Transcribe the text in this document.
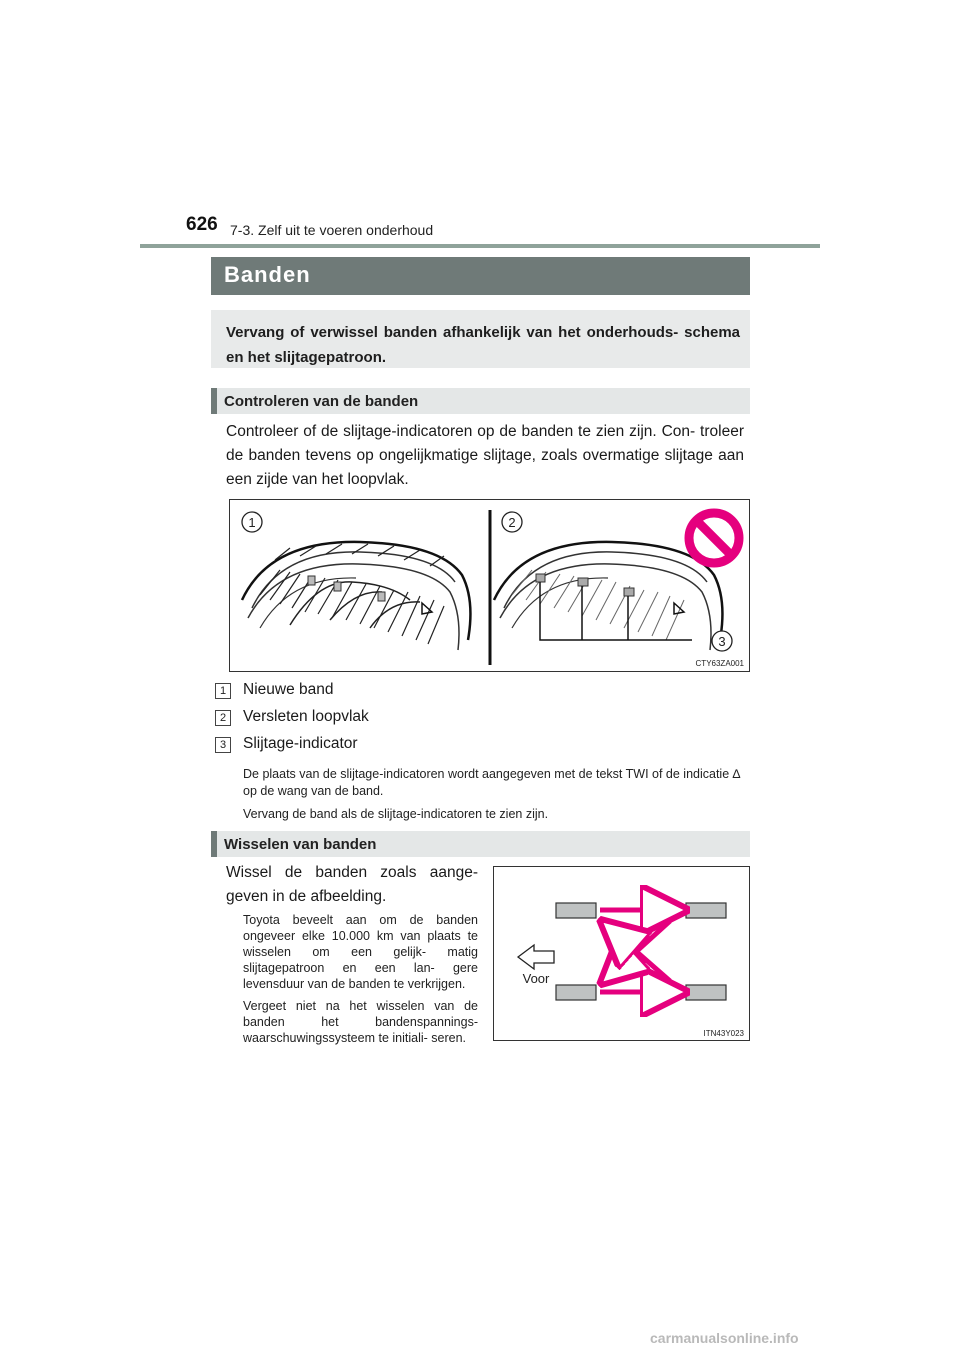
626 7-3. Zelf uit te voeren onderhoud
Banden
Vervang of verwissel banden afhankelijk van het onderhouds- schema en het slijtagepatroon.
Controleren van de banden
Controleer of de slijtage-indicatoren op de banden te zien zijn. Con- troleer de banden tevens op ongelijkmatige slijtage, zoals overmatige slijtage aan een zijde van het loopvlak.
1	2
3
CTY63ZA001
1	Nieuwe band
2	Versleten loopvlak
3	Slijtage-indicator

De plaats van de slijtage-indicatoren wordt aangegeven met de tekst TWI of de indicatie ∆ op de wang van de band.

Vervang de band als de slijtage-indicatoren te zien zijn.

Wisselen van banden
Wissel de banden zoals aange- geven in de afbeelding.

Toyota beveelt aan om de banden ongeveer elke 10.000 km van plaats te wisselen om een gelijk- matig slijtagepatroon en een lan- gere levensduur van de banden te verkrijgen.

Vergeet niet na het wisselen van de banden het bandenspannings- waarschuwingssysteem te initiali- seren.

Voor
ITN43Y023
carmanualsonline.info
